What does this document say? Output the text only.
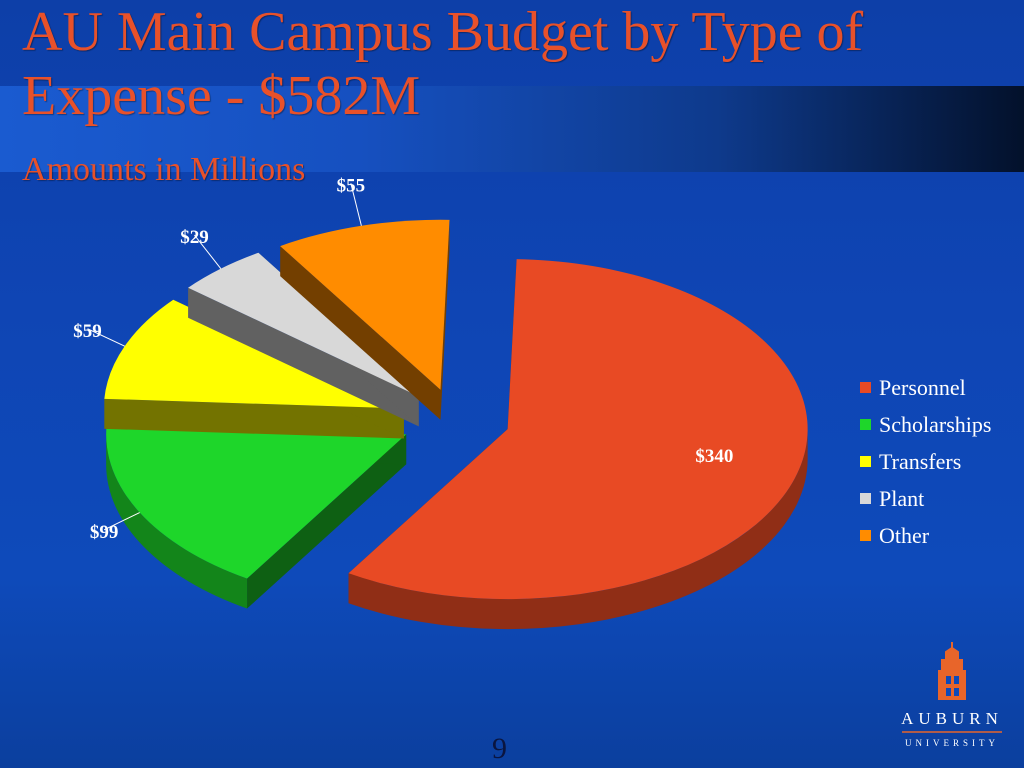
AU Main Campus Budget by Type of Expense - $582M
Amounts in Millions
$340
$99
$59
$29
$55
Personnel
Scholarships
Transfers
Plant
Other
9
AUBURN
UNIVERSITY
